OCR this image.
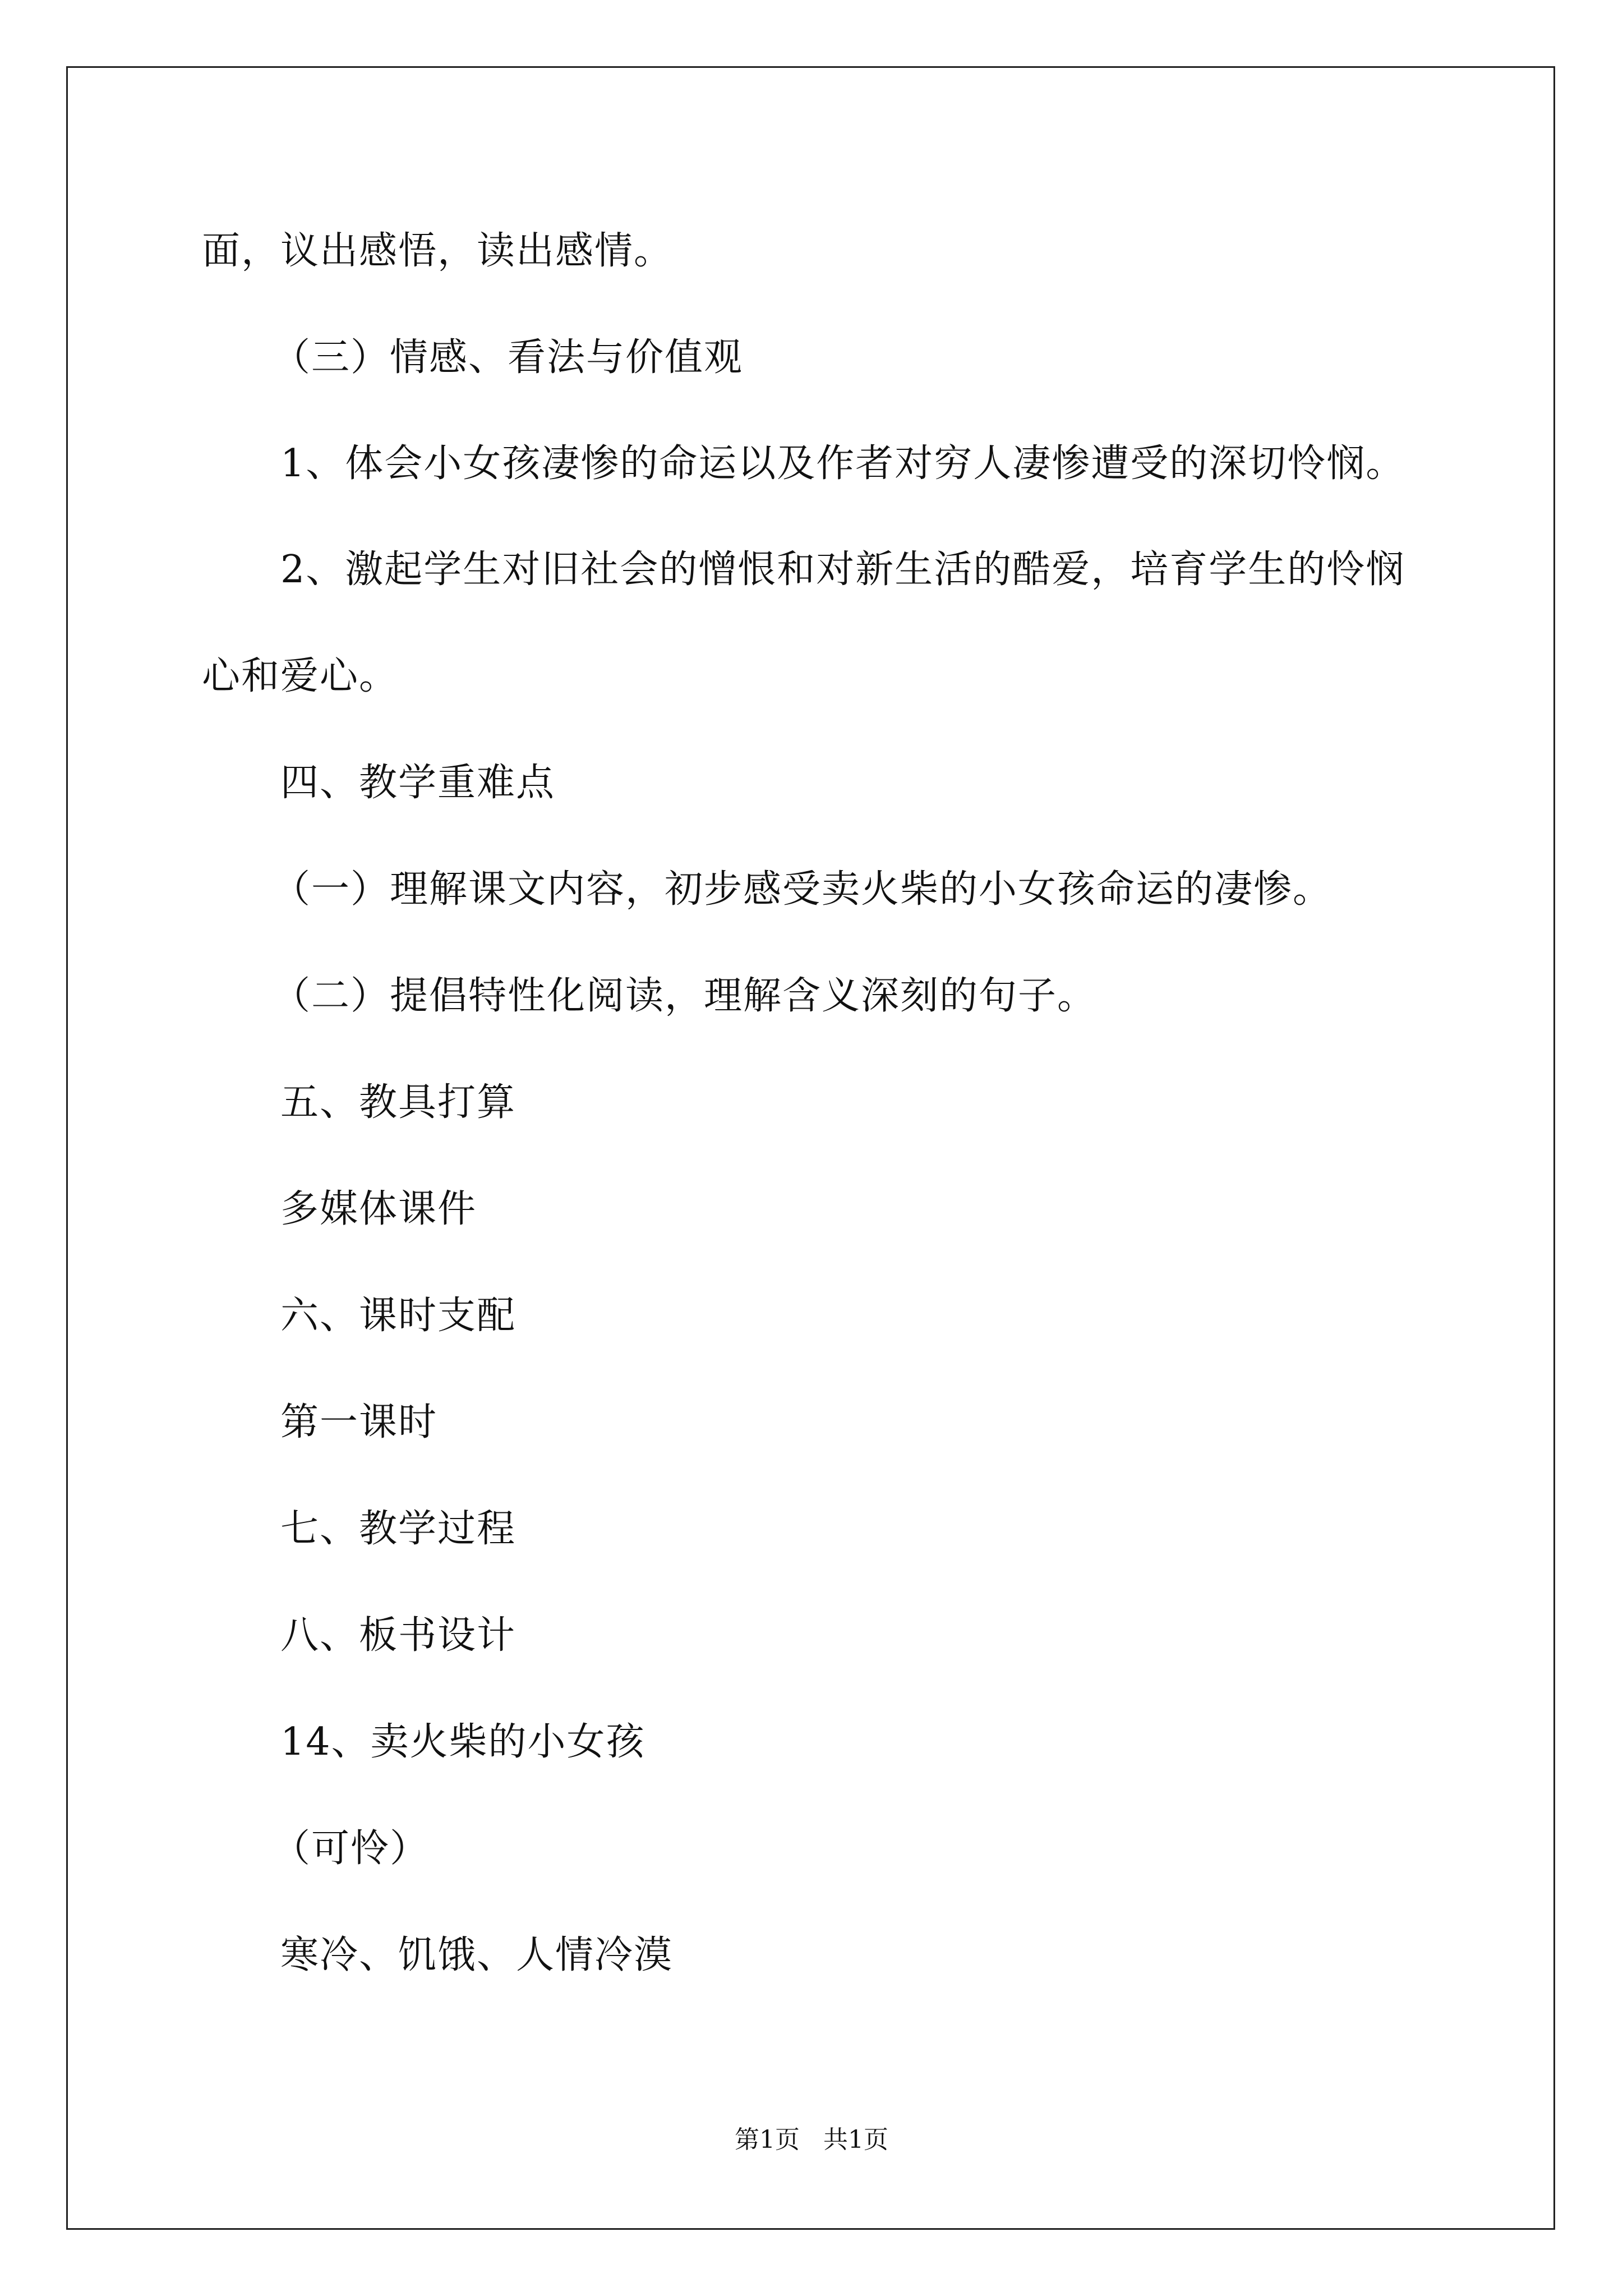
面，议出感悟，读出感情。
（三）情感、看法与价值观
1、体会小女孩凄惨的命运以及作者对穷人凄惨遭受的深切怜悯。
2、激起学生对旧社会的憎恨和对新生活的酷爱，培育学生的怜悯
心和爱心。
四、教学重难点
（一）理解课文内容，初步感受卖火柴的小女孩命运的凄惨。
（二）提倡特性化阅读，理解含义深刻的句子。
五、教具打算
多媒体课件
六、课时支配
第一课时
七、教学过程
八、板书设计
14、卖火柴的小女孩
（可怜）
寒冷、饥饿、人情冷漠
第1页   共1页
